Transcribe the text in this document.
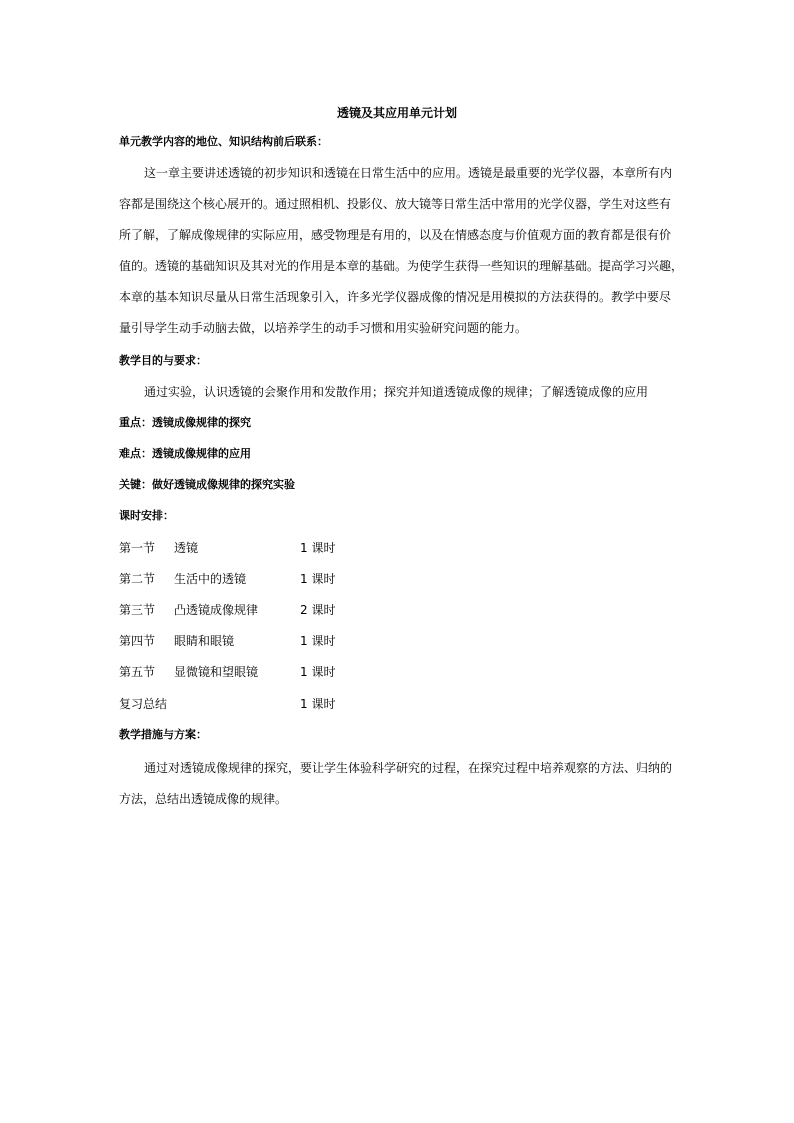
透镜及其应用单元计划
单元教学内容的地位、知识结构前后联系：
这一章主要讲述透镜的初步知识和透镜在日常生活中的应用。透镜是最重要的光学仪器，本章所有内
容都是围绕这个核心展开的。通过照相机、投影仪、放大镜等日常生活中常用的光学仪器，学生对这些有
所了解，了解成像规律的实际应用，感受物理是有用的，以及在情感态度与价值观方面的教育都是很有价
值的。透镜的基础知识及其对光的作用是本章的基础。为使学生获得一些知识的理解基础。提高学习兴趣，
本章的基本知识尽量从日常生活现象引入，许多光学仪器成像的情况是用模拟的方法获得的。教学中要尽
量引导学生动手动脑去做，以培养学生的动手习惯和用实验研究问题的能力。
教学目的与要求：
通过实验，认识透镜的会聚作用和发散作用；探究并知道透镜成像的规律；了解透镜成像的应用
重点：透镜成像规律的探究
难点：透镜成像规律的应用
关键：做好透镜成像规律的探究实验
课时安排：
第一节 透镜	1 课时
第二节 生活中的透镜	1 课时
第三节 凸透镜成像规律	2 课时
第四节 眼睛和眼镜	1 课时
第五节 显微镜和望眼镜	1 课时
复习总结	1 课时
教学措施与方案：
通过对透镜成像规律的探究，要让学生体验科学研究的过程，在探究过程中培养观察的方法、归纳的
方法，总结出透镜成像的规律。
